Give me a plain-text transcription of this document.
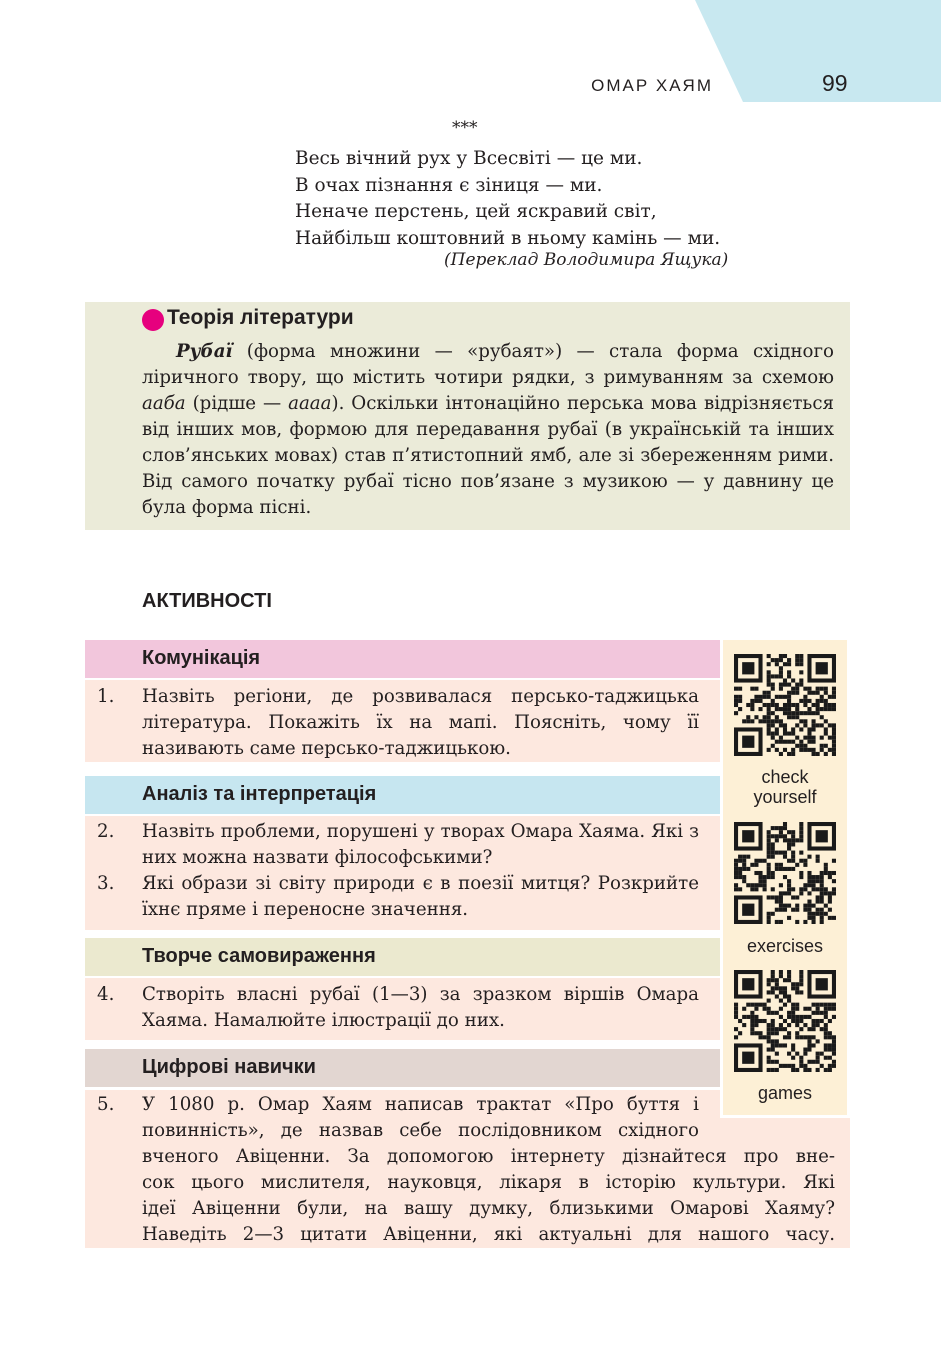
ОМАР ХАЯМ	99
***
Весь вічний рух у Всесвіті — це ми.
В очах пізнання є зіниця — ми.
Неначе перстень, цей яскравий світ,
Найбільш коштовний в ньому камінь — ми.
(Переклад Володимира Ящука)
Теорія літератури

Рубаї (форма множини — «рубаят») — стала форма східного ліричного твору, що містить чотири рядки, з римуванням за схемою ааба (рідше — аааа). Оскільки інтонаційно перська мова відрізняється від інших мов, формою для передавання рубаї (в українській та інших слов’янських мовах) став п’ятистопний ямб, але зі збереженням рими. Від самого початку рубаї тісно пов’язане з музикою — у давнину це була форма пісні.

АКТИВНОСТІ
Комунікація
1. Назвіть регіони, де розвивалася персько-таджицька література. Покажіть їх на мапі. Поясніть, чому її називають саме персько-таджицькою.
Аналіз та інтерпретація
2. Назвіть проблеми, порушені у творах Омара Хаяма. Які з них можна назвати філософськими?
3. Які образи зі світу природи є в поезії митця? Розкрийте їхнє пряме і переносне значення.
Творче самовираження
4. Створіть власні рубаї (1—3) за зразком віршів Омара Хаяма. Намалюйте ілюстрації до них.
Цифрові навички
5. У 1080 р. Омар Хаям написав трактат «Про буття і
повинність», де назвав себе послідовником східного
вченого Авіценни. За допомогою інтернету дізнайтеся про вне-
сок цього мислителя, науковця, лікаря в історію культури. Які
ідеї Авіценни були, на вашу думку, близькими Омарові Хаяму?
Наведіть 2—3 цитати Авіценни, які актуальні для нашого часу.
check
yourself
exercises
games
